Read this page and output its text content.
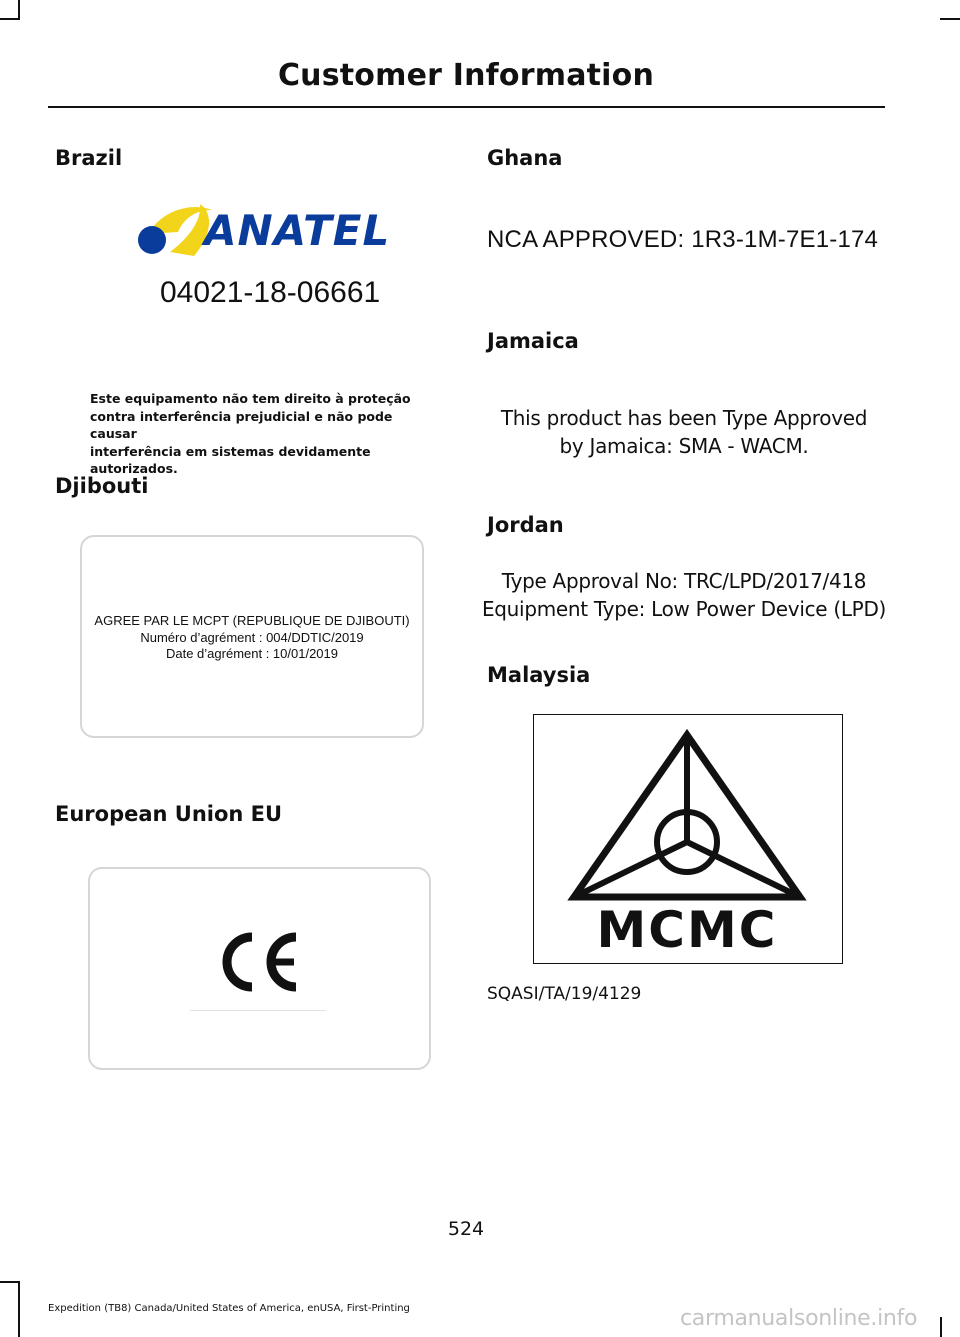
Customer Information
Brazil
ANATEL
04021-18-06661
Este equipamento não tem direito à proteção
contra interferência prejudicial e não pode causar
interferência em sistemas devidamente autorizados.
Djibouti
AGREE PAR LE MCPT (REPUBLIQUE DE DJIBOUTI)
Numéro d’agrément : 004/DDTIC/2019
Date d’agrément : 10/01/2019
European Union EU
Ghana
NCA APPROVED: 1R3-1M-7E1-174
Jamaica
This product has been Type Approved
by Jamaica: SMA - WACM.
Jordan
Type Approval No: TRC/LPD/2017/418
Equipment Type: Low Power Device (LPD)
Malaysia
MCMC
SQASI/TA/19/4129
524
Expedition (TB8) Canada/United States of America, enUSA, First-Printing	carmanualsonline.info
